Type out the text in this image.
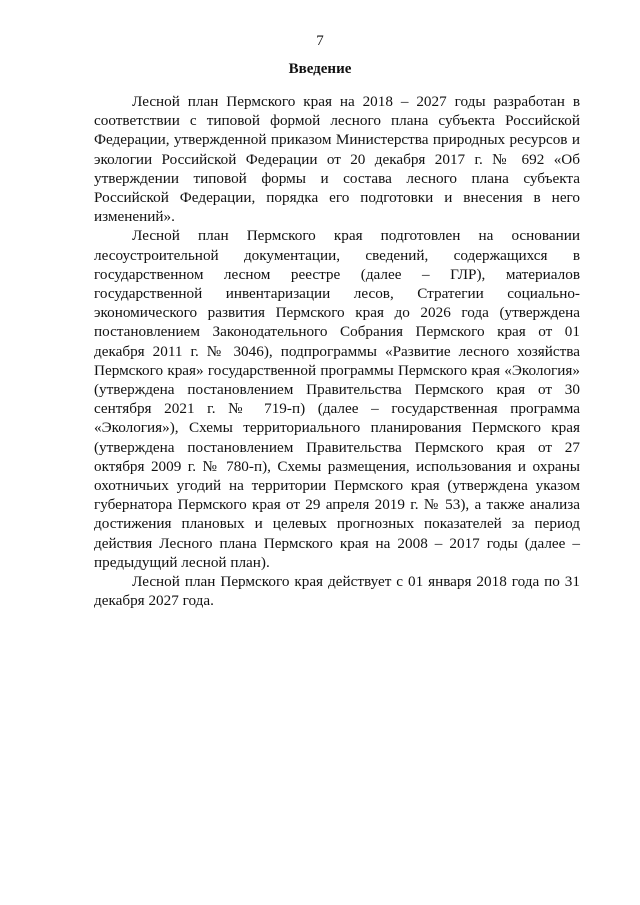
7
Введение

Лесной план Пермского края на 2018 – 2027 годы разработан в соответствии с типовой формой лесного плана субъекта Российской Федерации, утвержденной приказом Министерства природных ресурсов и экологии Российской Федерации от 20 декабря 2017 г. № 692 «Об утверждении типовой формы и состава лесного плана субъекта Российской Федерации, порядка его подготовки и внесения в него изменений».

Лесной план Пермского края подготовлен на основании лесоустроительной документации, сведений, содержащихся в государственном лесном реестре (далее – ГЛР), материалов государственной инвентаризации лесов, Стратегии социально-экономического развития Пермского края до 2026 года (утверждена постановлением Законодательного Собрания Пермского края от 01 декабря 2011 г. № 3046), подпрограммы «Развитие лесного хозяйства Пермского края» государственной программы Пермского края «Экология» (утверждена постановлением Правительства Пермского края от 30 сентября 2021 г. № 719-п) (далее – государственная программа «Экология»), Схемы территориального планирования Пермского края (утверждена постановлением Правительства Пермского края от 27 октября 2009 г. № 780-п), Схемы размещения, использования и охраны охотничьих угодий на территории Пермского края (утверждена указом губернатора Пермского края от 29 апреля 2019 г. № 53), а также анализа достижения плановых и целевых прогнозных показателей за период действия Лесного плана Пермского края на 2008 – 2017 годы (далее – предыдущий лесной план).

Лесной план Пермского края действует с 01 января 2018 года по 31 декабря 2027 года.
